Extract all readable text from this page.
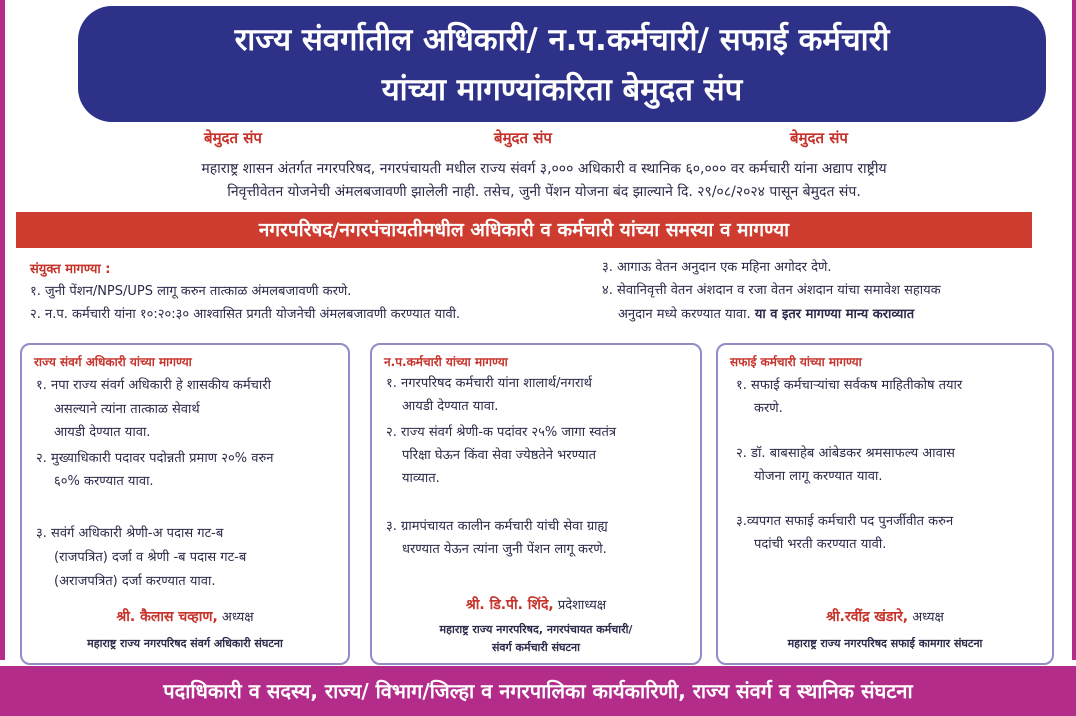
राज्य संवर्गातील अधिकारी/ न.प.कर्मचारी/ सफाई कर्मचारी
यांच्या मागण्यांकरिता बेमुदत संप
बेमुदत संप	बेमुदत संप	बेमुदत संप
महाराष्ट्र शासन अंतर्गत नगरपरिषद, नगरपंचायती मधील राज्य संवर्ग ३,००० अधिकारी व स्थानिक ६०,००० वर कर्मचारी यांना अद्याप राष्ट्रीय
निवृत्तीवेतन योजनेची अंमलबजावणी झालेली नाही. तसेच, जुनी पेंशन योजना बंद झाल्याने दि. २९/०८/२०२४ पासून बेमुदत संप.
नगरपरिषद/नगरपंचायतीमधील अधिकारी व कर्मचारी यांच्या समस्या व मागण्या
संयुक्त मागण्या :
१. जुनी पेंशन/NPS/UPS लागू करुन तात्काळ अंमलबजावणी करणे.
२. न.प. कर्मचारी यांना १०:२०:३० आश्वासित प्रगती योजनेची अंमलबजावणी करण्यात यावी.
३. आगाऊ वेतन अनुदान एक महिना अगोदर देणे.
४. सेवानिवृत्ती वेतन अंशदान व रजा वेतन अंशदान यांचा समावेश सहायक
अनुदान मध्ये करण्यात यावा. या व इतर मागण्या मान्य कराव्यात
राज्य संवर्ग अधिकारी यांच्या मागण्या
१. नपा राज्य संवर्ग अधिकारी हे शासकीय कर्मचारी
असल्याने त्यांना तात्काळ सेवार्थ
आयडी देण्यात यावा.
२. मुख्याधिकारी पदावर पदोन्नती प्रमाण २०% वरुन
६०% करण्यात यावा.
३. सवंर्ग अधिकारी श्रेणी-अ पदास गट-ब
(राजपत्रित) दर्जा व श्रेणी -ब पदास गट-ब
(अराजपत्रित) दर्जा करण्यात यावा.
श्री. कैलास चव्हाण, अध्यक्ष
महाराष्ट्र राज्य नगरपरिषद संवर्ग अधिकारी संघटना
न.प.कर्मचारी यांच्या मागण्या
१. नगरपरिषद कर्मचारी यांना शालार्थ/नगरार्थ
आयडी देण्यात यावा.
२. राज्य संवर्ग श्रेणी-क पदांवर २५% जागा स्वतंत्र
परिक्षा घेऊन किंवा सेवा ज्येष्ठतेने भरण्यात
याव्यात.
३. ग्रामपंचायत कालीन कर्मचारी यांची सेवा ग्राह्य
धरण्यात येऊन त्यांना जुनी पेंशन लागू करणे.
श्री. डि.पी. शिंदे, प्रदेशाध्यक्ष
महाराष्ट्र राज्य नगरपरिषद, नगरपंचायत कर्मचारी/
संवर्ग कर्मचारी संघटना
सफाई कर्मचारी यांच्या मागण्या
१. सफाई कर्मचाऱ्यांचा सर्वकष माहितीकोष तयार
करणे.
२. डॉ. बाबसाहेब आंबेडकर श्रमसाफल्य आवास
योजना लागू करण्यात यावा.
३.व्यपगत सफाई कर्मचारी पद पुनर्जीवीत करुन
पदांची भरती करण्यात यावी.
श्री.रवींद्र खंडारे, अध्यक्ष
महाराष्ट्र राज्य नगरपरिषद सफाई कामगार संघटना
पदाधिकारी व सदस्य, राज्य/ विभाग/जिल्हा व नगरपालिका कार्यकारिणी, राज्य संवर्ग व स्थानिक संघटना
